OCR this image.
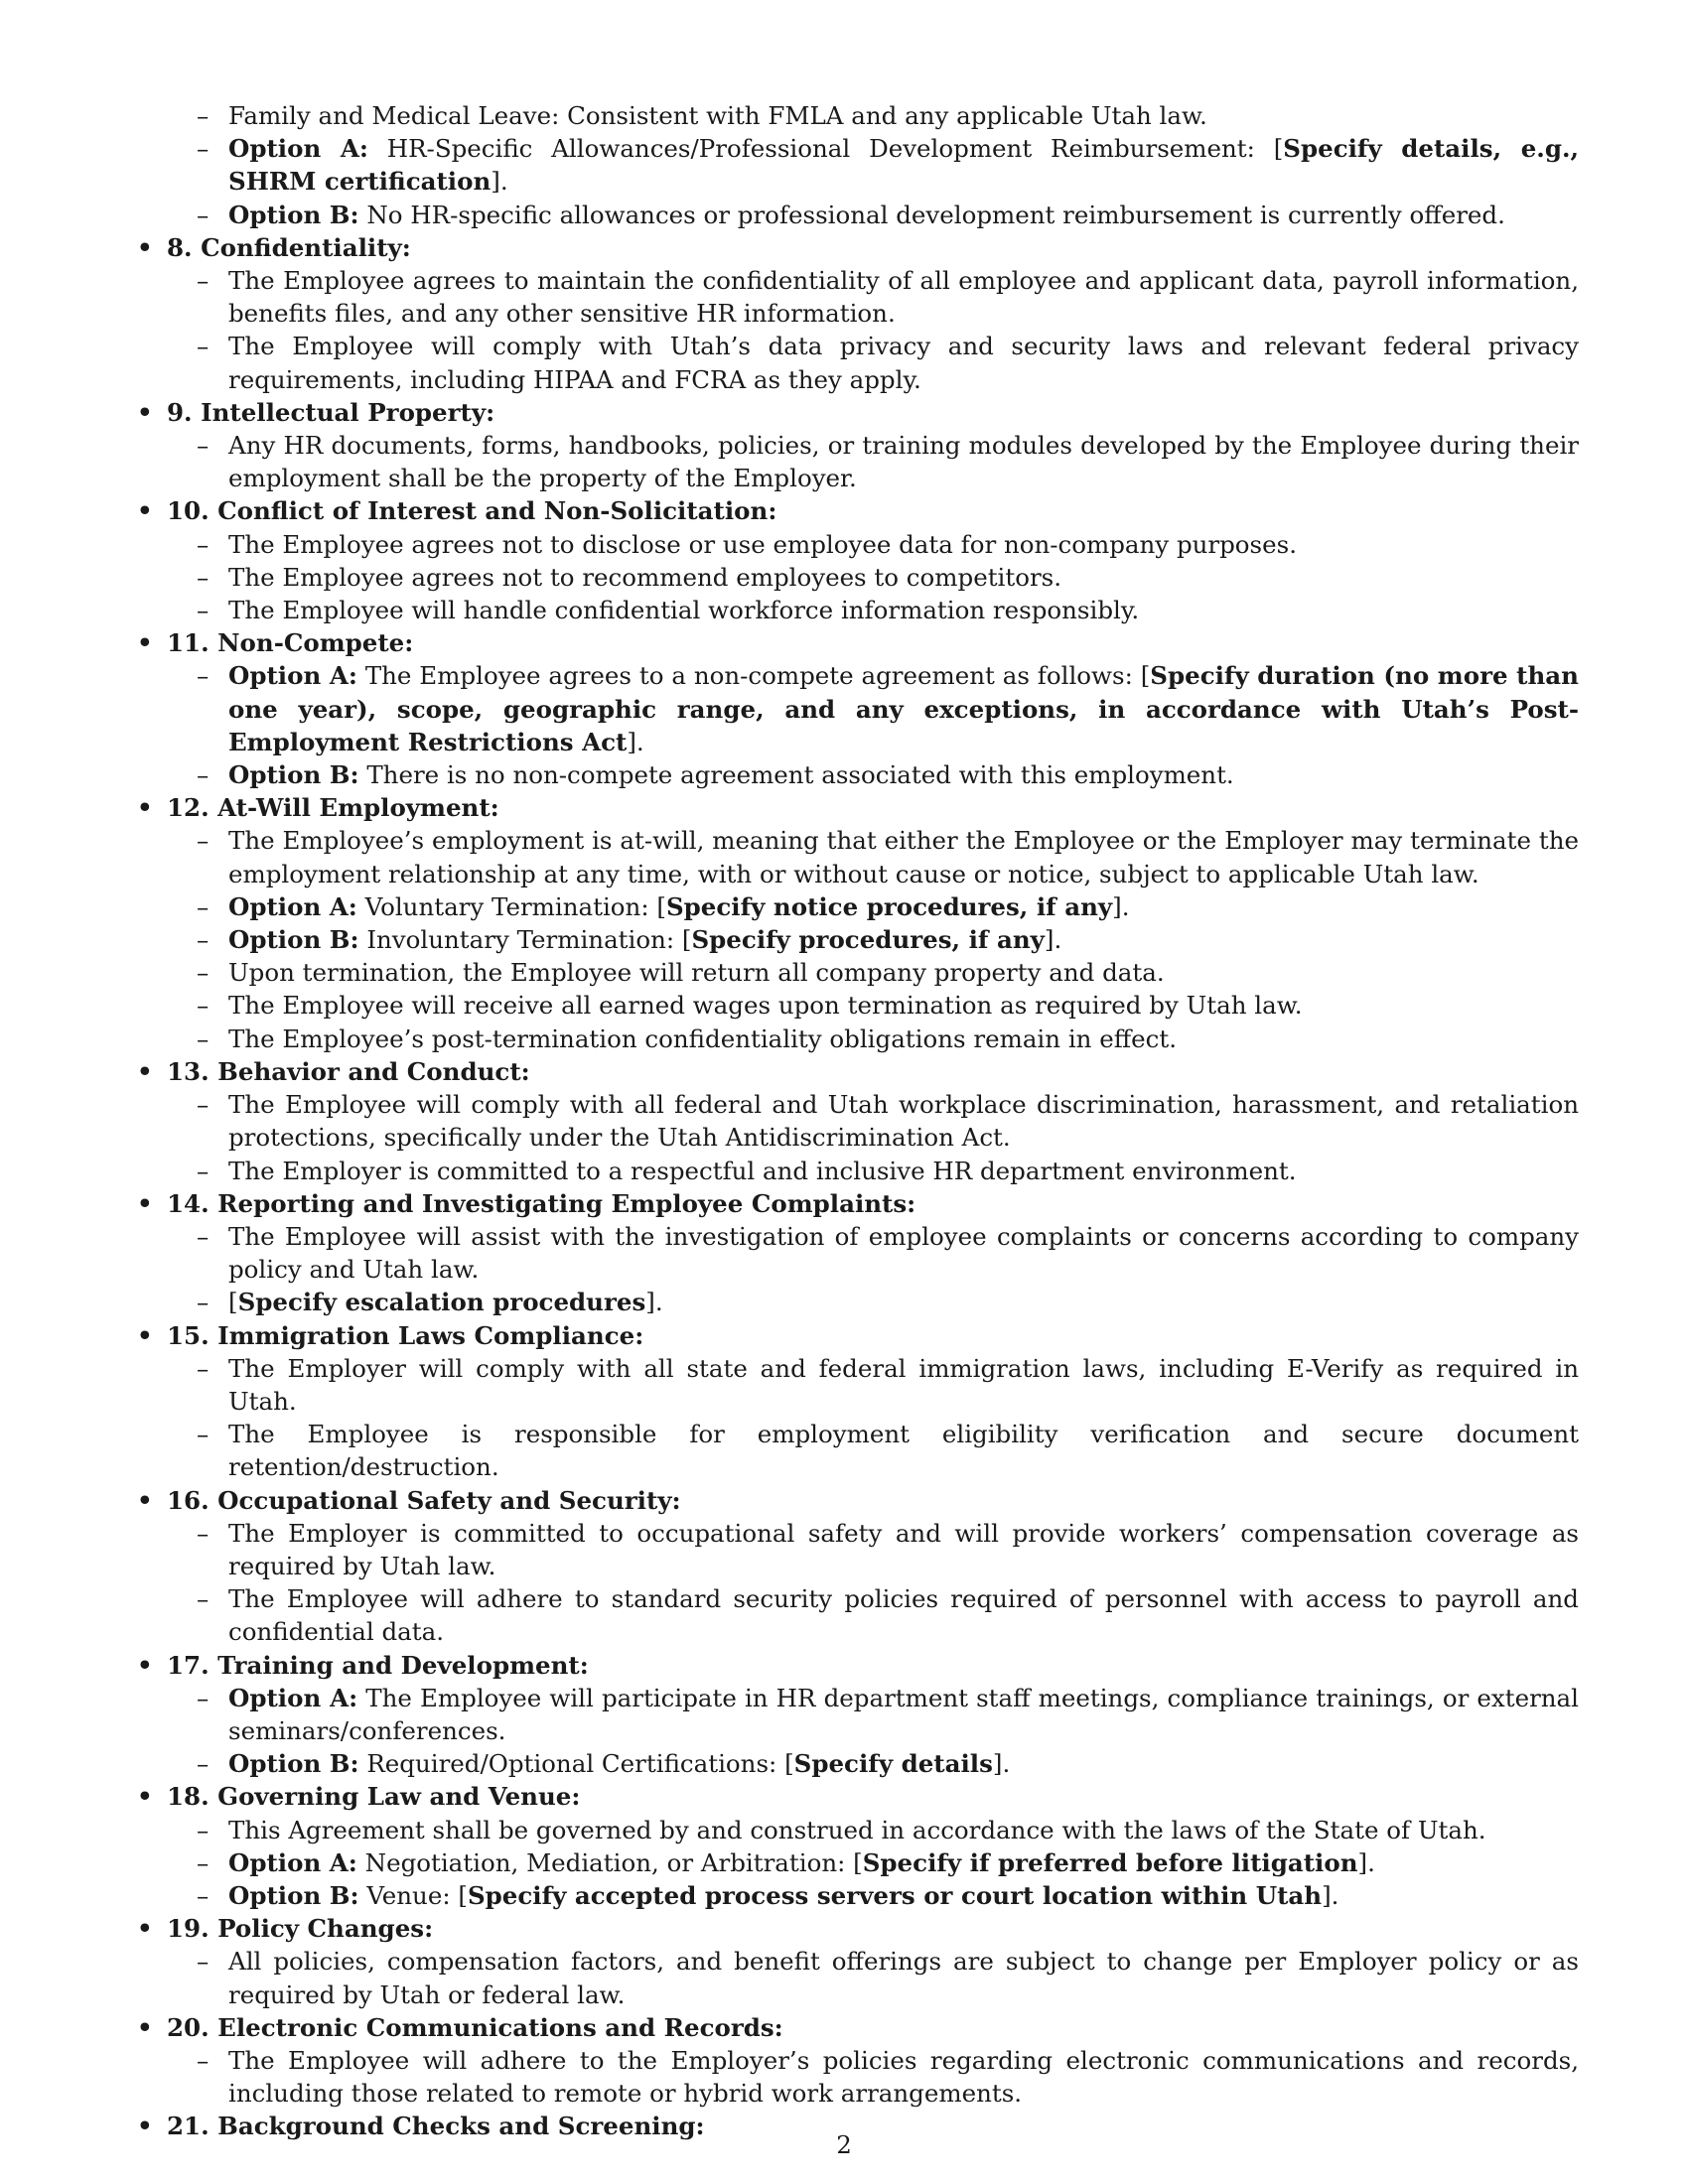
– Family and Medical Leave: Consistent with FMLA and any applicable Utah law.
– Option A: HR-Specific Allowances/Professional Development Reimbursement: [Specify details, e.g., SHRM certification].
– Option B: No HR-specific allowances or professional development reimbursement is currently offered.
• 8. Confidentiality:
– The Employee agrees to maintain the confidentiality of all employee and applicant data, payroll information, benefits files, and any other sensitive HR information.
– The Employee will comply with Utah’s data privacy and security laws and relevant federal privacy requirements, including HIPAA and FCRA as they apply.
• 9. Intellectual Property:
– Any HR documents, forms, handbooks, policies, or training modules developed by the Employee during their employment shall be the property of the Employer.
• 10. Conflict of Interest and Non-Solicitation:
– The Employee agrees not to disclose or use employee data for non-company purposes.
– The Employee agrees not to recommend employees to competitors.
– The Employee will handle confidential workforce information responsibly.
• 11. Non-Compete:
– Option A: The Employee agrees to a non-compete agreement as follows: [Specify duration (no more than one year), scope, geographic range, and any exceptions, in accordance with Utah’s Post-Employment Restrictions Act].
– Option B: There is no non-compete agreement associated with this employment.
• 12. At-Will Employment:
– The Employee’s employment is at-will, meaning that either the Employee or the Employer may terminate the employment relationship at any time, with or without cause or notice, subject to applicable Utah law.
– Option A: Voluntary Termination: [Specify notice procedures, if any].
– Option B: Involuntary Termination: [Specify procedures, if any].
– Upon termination, the Employee will return all company property and data.
– The Employee will receive all earned wages upon termination as required by Utah law.
– The Employee’s post-termination confidentiality obligations remain in effect.
• 13. Behavior and Conduct:
– The Employee will comply with all federal and Utah workplace discrimination, harassment, and retaliation protections, specifically under the Utah Antidiscrimination Act.
– The Employer is committed to a respectful and inclusive HR department environment.
• 14. Reporting and Investigating Employee Complaints:
– The Employee will assist with the investigation of employee complaints or concerns according to company policy and Utah law.
– [Specify escalation procedures].
• 15. Immigration Laws Compliance:
– The Employer will comply with all state and federal immigration laws, including E-Verify as required in Utah.
– The Employee is responsible for employment eligibility verification and secure document retention/destruction.
• 16. Occupational Safety and Security:
– The Employer is committed to occupational safety and will provide workers’ compensation coverage as required by Utah law.
– The Employee will adhere to standard security policies required of personnel with access to payroll and confidential data.
• 17. Training and Development:
– Option A: The Employee will participate in HR department staff meetings, compliance trainings, or external seminars/conferences.
– Option B: Required/Optional Certifications: [Specify details].
• 18. Governing Law and Venue:
– This Agreement shall be governed by and construed in accordance with the laws of the State of Utah.
– Option A: Negotiation, Mediation, or Arbitration: [Specify if preferred before litigation].
– Option B: Venue: [Specify accepted process servers or court location within Utah].
• 19. Policy Changes:
– All policies, compensation factors, and benefit offerings are subject to change per Employer policy or as required by Utah or federal law.
• 20. Electronic Communications and Records:
– The Employee will adhere to the Employer’s policies regarding electronic communications and records, including those related to remote or hybrid work arrangements.
• 21. Background Checks and Screening:
2
